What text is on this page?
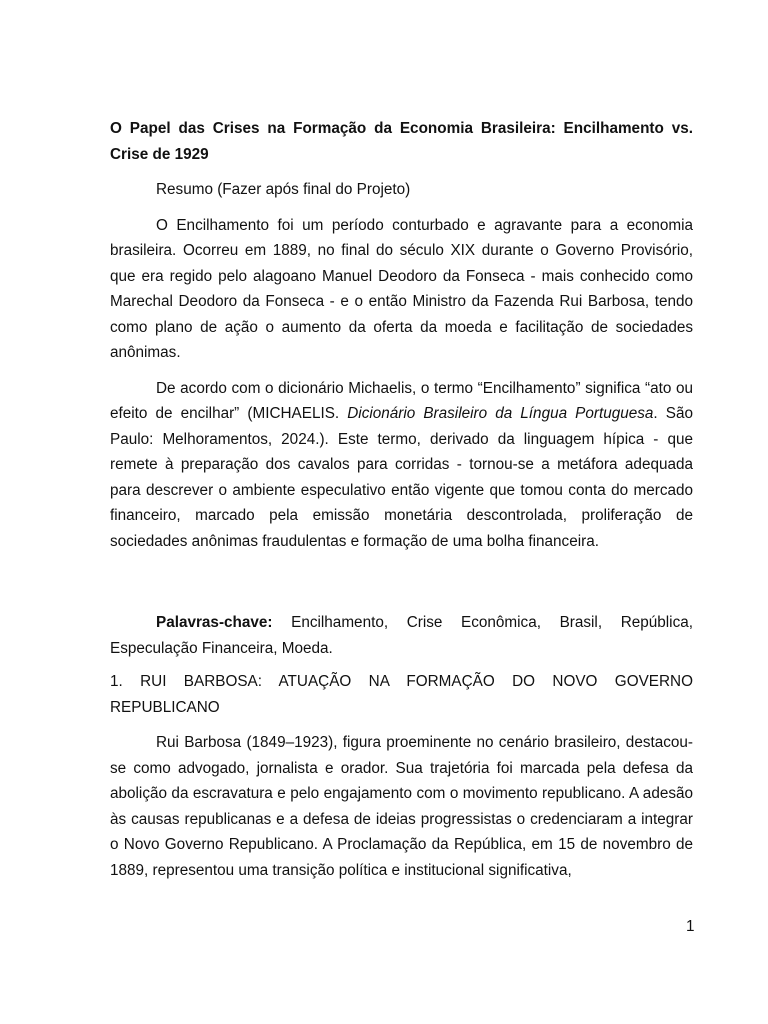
O Papel das Crises na Formação da Economia Brasileira: Encilhamento vs. Crise de 1929

Resumo (Fazer após final do Projeto)

O Encilhamento foi um período conturbado e agravante para a economia brasileira. Ocorreu em 1889, no final do século XIX durante o Governo Provisório, que era regido pelo alagoano Manuel Deodoro da Fonseca - mais conhecido como Marechal Deodoro da Fonseca - e o então Ministro da Fazenda Rui Barbosa, tendo como plano de ação o aumento da oferta da moeda e facilitação de sociedades anônimas.

De acordo com o dicionário Michaelis, o termo “Encilhamento” significa “ato ou efeito de encilhar” (MICHAELIS. Dicionário Brasileiro da Língua Portuguesa. São Paulo: Melhoramentos, 2024.). Este termo, derivado da linguagem hípica - que remete à preparação dos cavalos para corridas - tornou-se a metáfora adequada para descrever o ambiente especulativo então vigente que tomou conta do mercado financeiro, marcado pela emissão monetária descontrolada, proliferação de sociedades anônimas fraudulentas e formação de uma bolha financeira.

Palavras-chave: Encilhamento, Crise Econômica, Brasil, República, Especulação Financeira, Moeda.

1. RUI BARBOSA: ATUAÇÃO NA FORMAÇÃO DO NOVO GOVERNO REPUBLICANO

Rui Barbosa (1849–1923), figura proeminente no cenário brasileiro, destacou-se como advogado, jornalista e orador. Sua trajetória foi marcada pela defesa da abolição da escravatura e pelo engajamento com o movimento republicano. A adesão às causas republicanas e a defesa de ideias progressistas o credenciaram a integrar o Novo Governo Republicano. A Proclamação da República, em 15 de novembro de 1889, representou uma transição política e institucional significativa,

1
